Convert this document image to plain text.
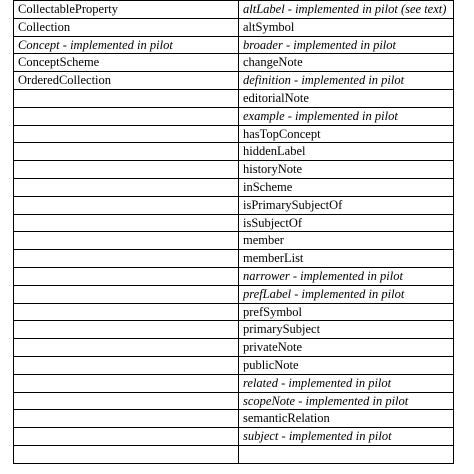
CollectableProperty	altLabel - implemented in pilot (see text)
Collection	altSymbol
Concept - implemented in pilot	broader - implemented in pilot
ConceptScheme	changeNote
OrderedCollection	definition - implemented in pilot
	editorialNote
	example - implemented in pilot
	hasTopConcept
	hiddenLabel
	historyNote
	inScheme
	isPrimarySubjectOf
	isSubjectOf
	member
	memberList
	narrower - implemented in pilot
	prefLabel - implemented in pilot
	prefSymbol
	primarySubject
	privateNote
	publicNote
	related - implemented in pilot
	scopeNote - implemented in pilot
	semanticRelation
	subject - implemented in pilot
